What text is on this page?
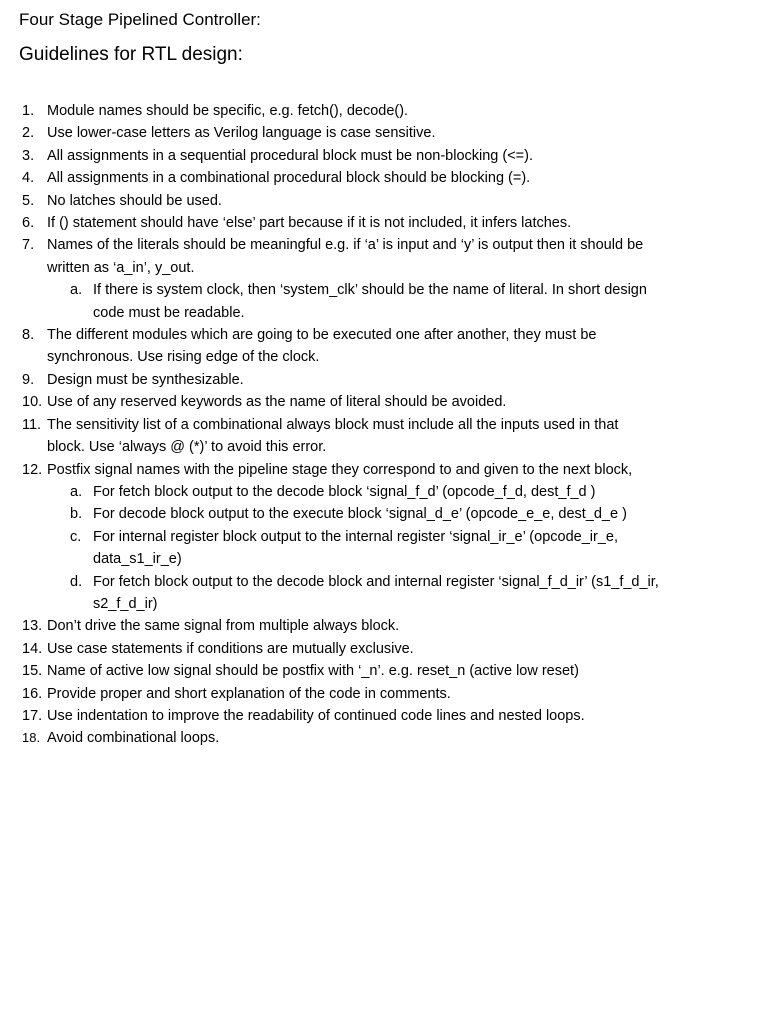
Four Stage Pipelined Controller:
Guidelines for RTL design:
1. Module names should be specific, e.g. fetch(), decode().
2. Use lower-case letters as Verilog language is case sensitive.
3. All assignments in a sequential procedural block must be non-blocking (<=).
4. All assignments in a combinational procedural block should be blocking (=).
5. No latches should be used.
6. If () statement should have ‘else’ part because if it is not included, it infers latches.
7. Names of the literals should be meaningful e.g. if ‘a’ is input and ‘y’ is output then it should be
written as ‘a_in’, y_out.
a. If there is system clock, then ‘system_clk’ should be the name of literal. In short design
code must be readable.
8. The different modules which are going to be executed one after another, they must be
synchronous. Use rising edge of the clock.
9. Design must be synthesizable.
10. Use of any reserved keywords as the name of literal should be avoided.
11. The sensitivity list of a combinational always block must include all the inputs used in that
block. Use ‘always @ (*)’ to avoid this error.
12. Postfix signal names with the pipeline stage they correspond to and given to the next block,
a. For fetch block output to the decode block ‘signal_f_d’ (opcode_f_d, dest_f_d )
b. For decode block output to the execute block ‘signal_d_e’ (opcode_e_e, dest_d_e )
c. For internal register block output to the internal register ‘signal_ir_e’ (opcode_ir_e,
data_s1_ir_e)
d. For fetch block output to the decode block and internal register ‘signal_f_d_ir’ (s1_f_d_ir,
s2_f_d_ir)
13. Don’t drive the same signal from multiple always block.
14. Use case statements if conditions are mutually exclusive.
15. Name of active low signal should be postfix with ‘_n’. e.g. reset_n (active low reset)
16. Provide proper and short explanation of the code in comments.
17. Use indentation to improve the readability of continued code lines and nested loops.
18. Avoid combinational loops.
